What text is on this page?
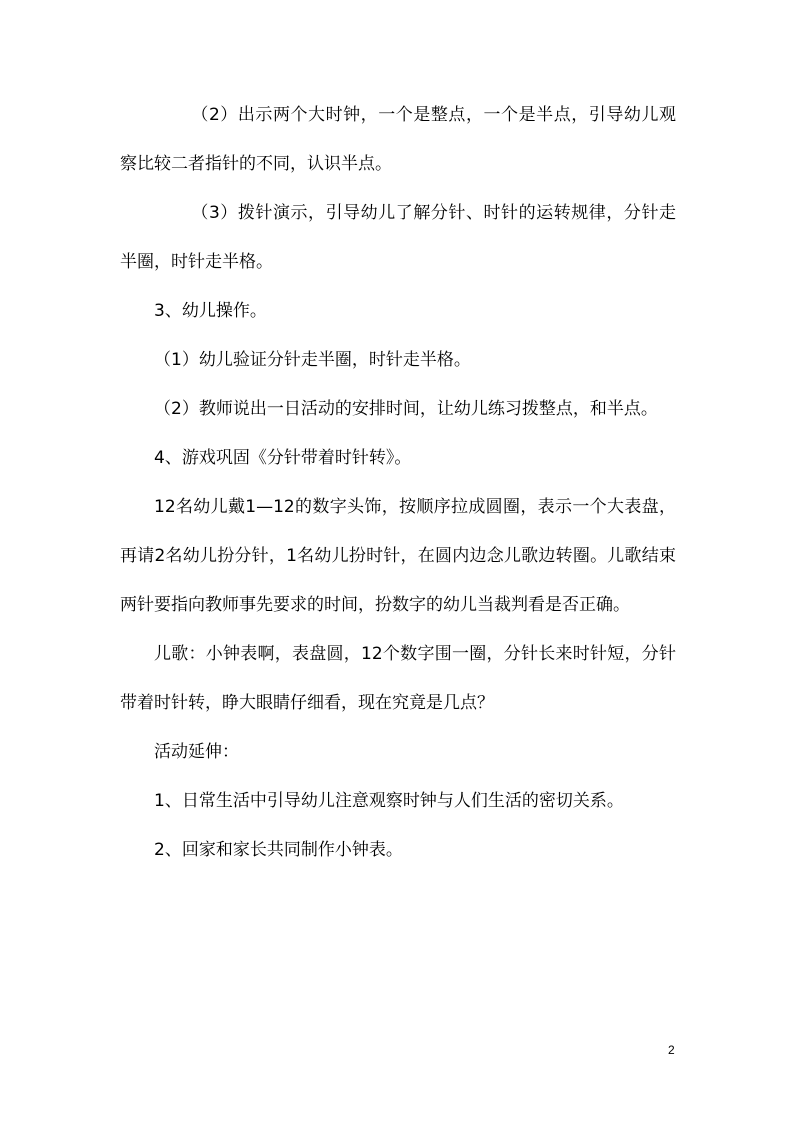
（2）出示两个大时钟，一个是整点，一个是半点，引导幼儿观察比较二者指针的不同，认识半点。

（3）拨针演示，引导幼儿了解分针、时针的运转规律，分针走半圈，时针走半格。

3、幼儿操作。

（1）幼儿验证分针走半圈，时针走半格。

（2）教师说出一日活动的安排时间，让幼儿练习拨整点，和半点。

4、游戏巩固《分针带着时针转》。

12名幼儿戴1—12的数字头饰，按顺序拉成圆圈，表示一个大表盘，再请2名幼儿扮分针，1名幼儿扮时针，在圆内边念儿歌边转圈。儿歌结束两针要指向教师事先要求的时间，扮数字的幼儿当裁判看是否正确。

儿歌：小钟表啊，表盘圆，12个数字围一圈，分针长来时针短，分针带着时针转，睁大眼睛仔细看，现在究竟是几点？

活动延伸：

1、日常生活中引导幼儿注意观察时钟与人们生活的密切关系。

2、回家和家长共同制作小钟表。

2
